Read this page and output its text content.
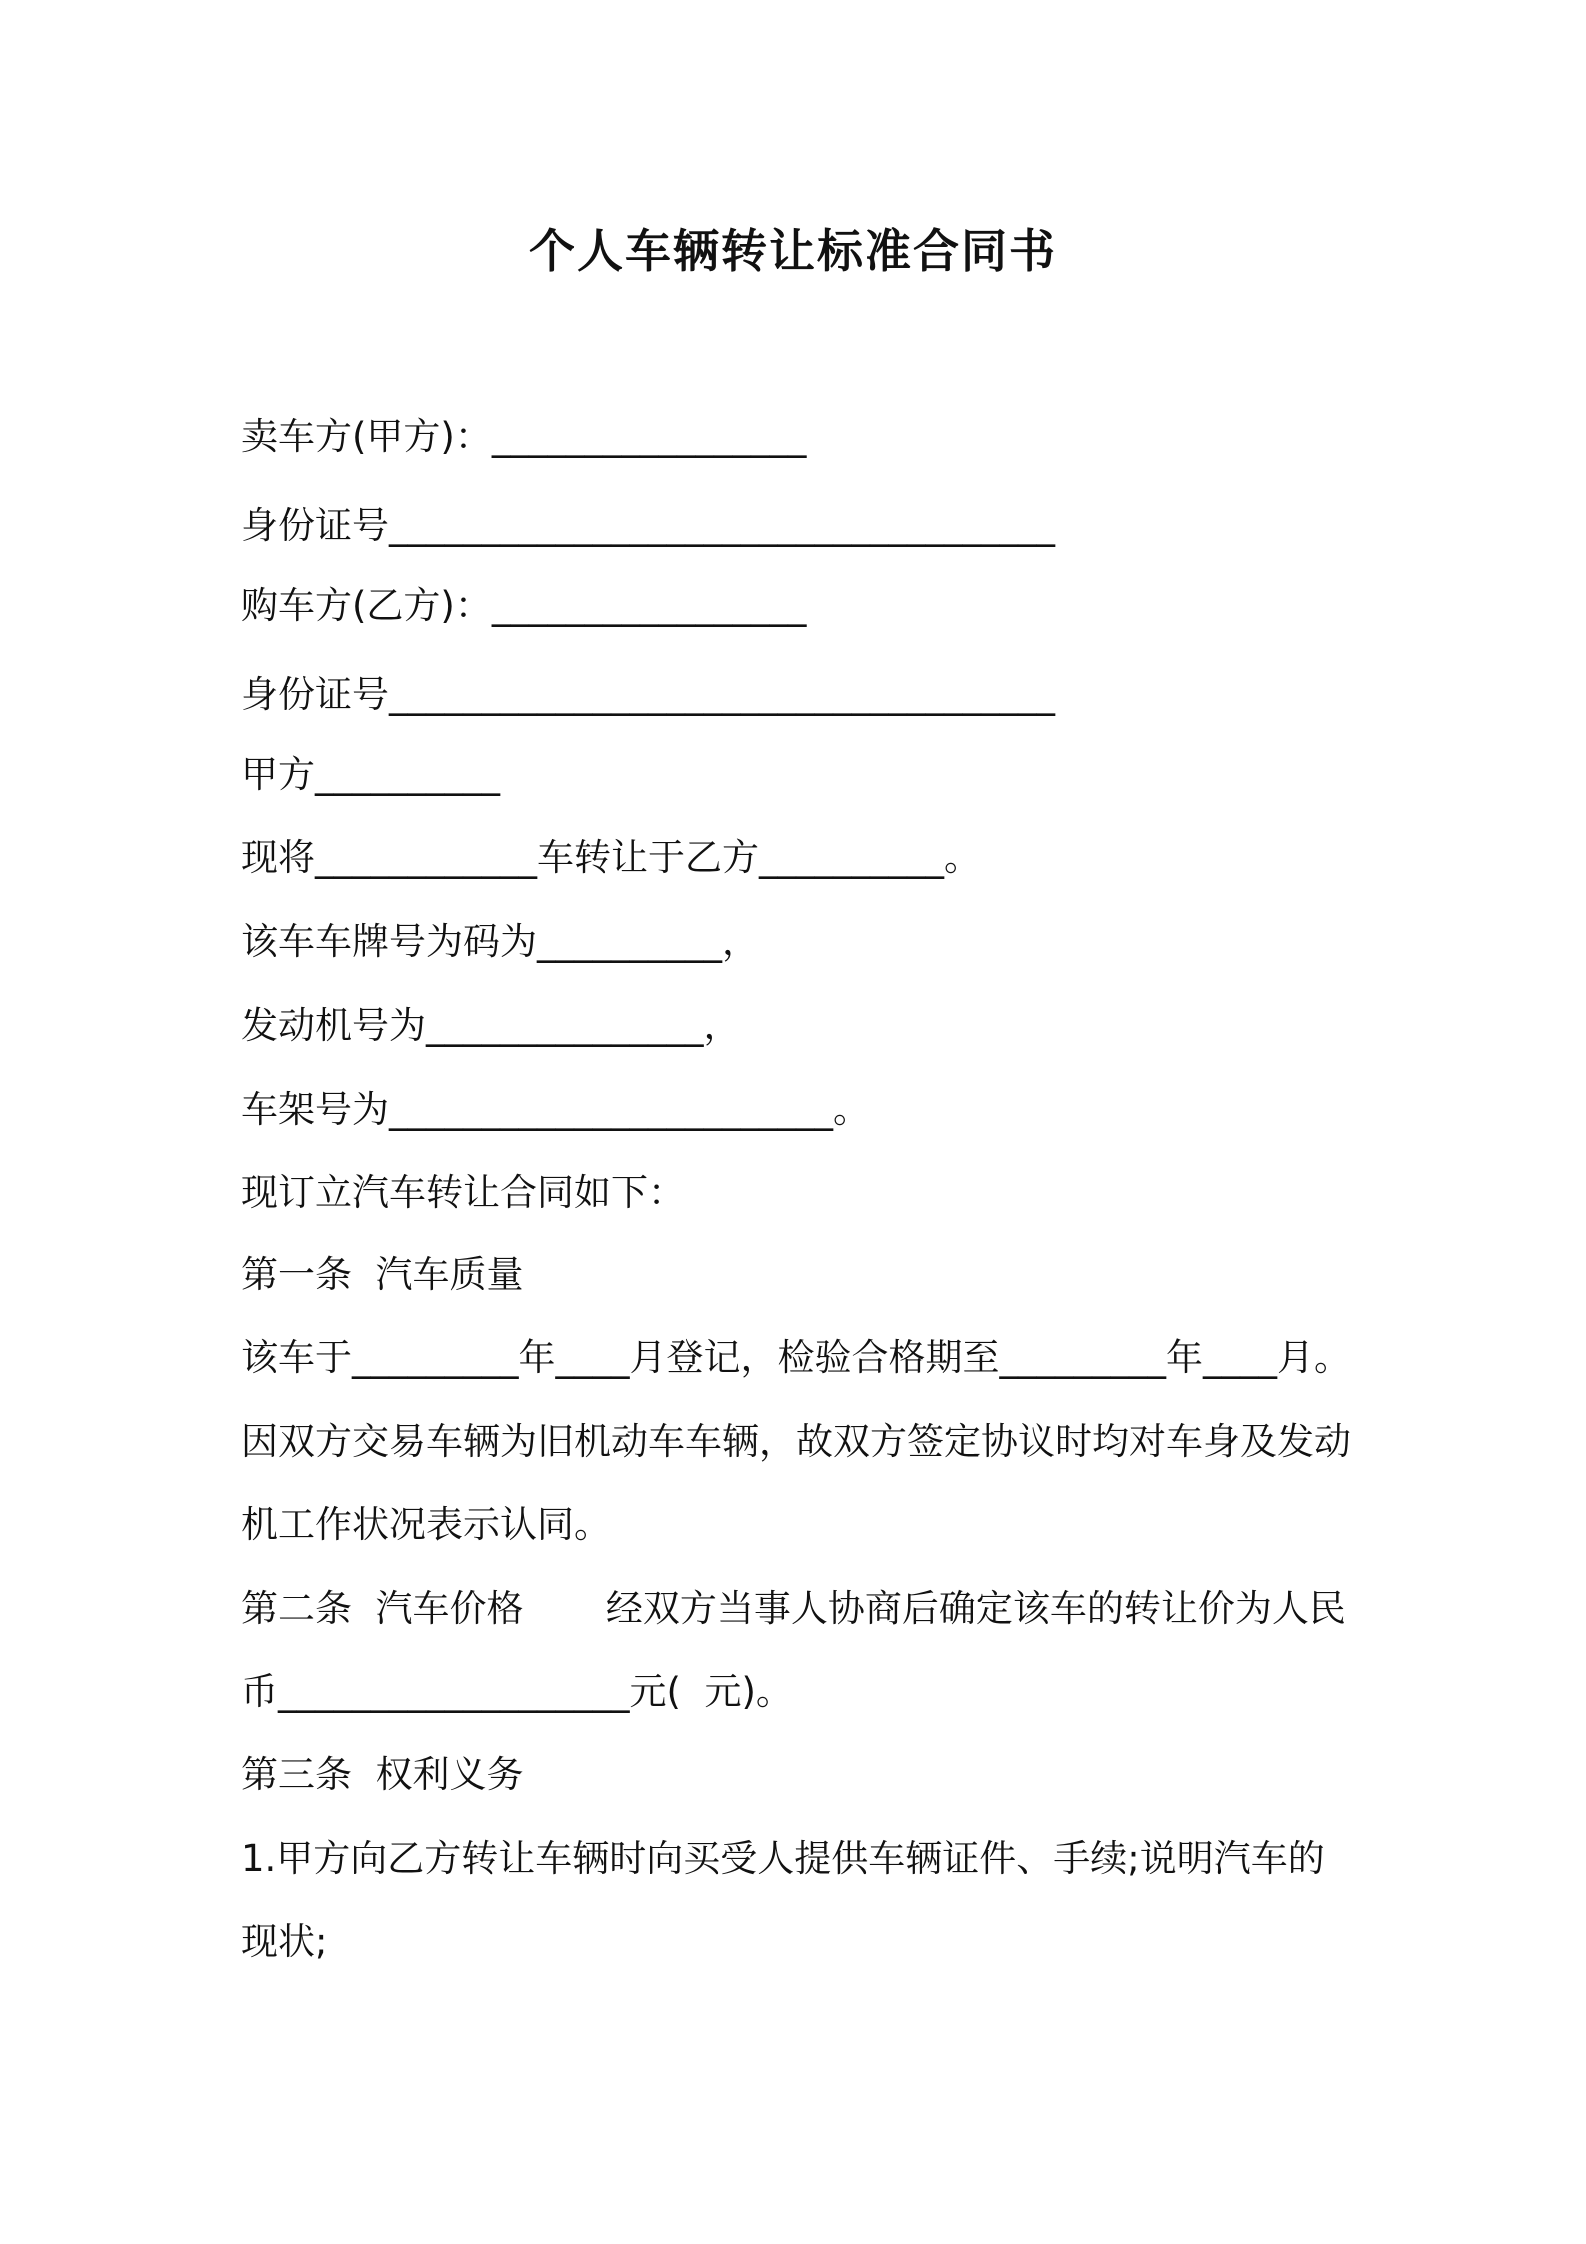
个人车辆转让标准合同书
卖车方(甲方)：_________________
身份证号____________________________________
购车方(乙方)：_________________
身份证号____________________________________
甲方__________
现将____________车转让于乙方__________。
该车车牌号为码为__________，
发动机号为_______________，
车架号为________________________。
现订立汽车转让合同如下：
第一条  汽车质量
该车于_________年____月登记，检验合格期至_________年____月。
因双方交易车辆为旧机动车车辆，故双方签定协议时均对车身及发动
机工作状况表示认同。
第二条  汽车价格       经双方当事人协商后确定该车的转让价为人民
币___________________元(  元)。
第三条  权利义务
1.甲方向乙方转让车辆时向买受人提供车辆证件、手续;说明汽车的
现状;
